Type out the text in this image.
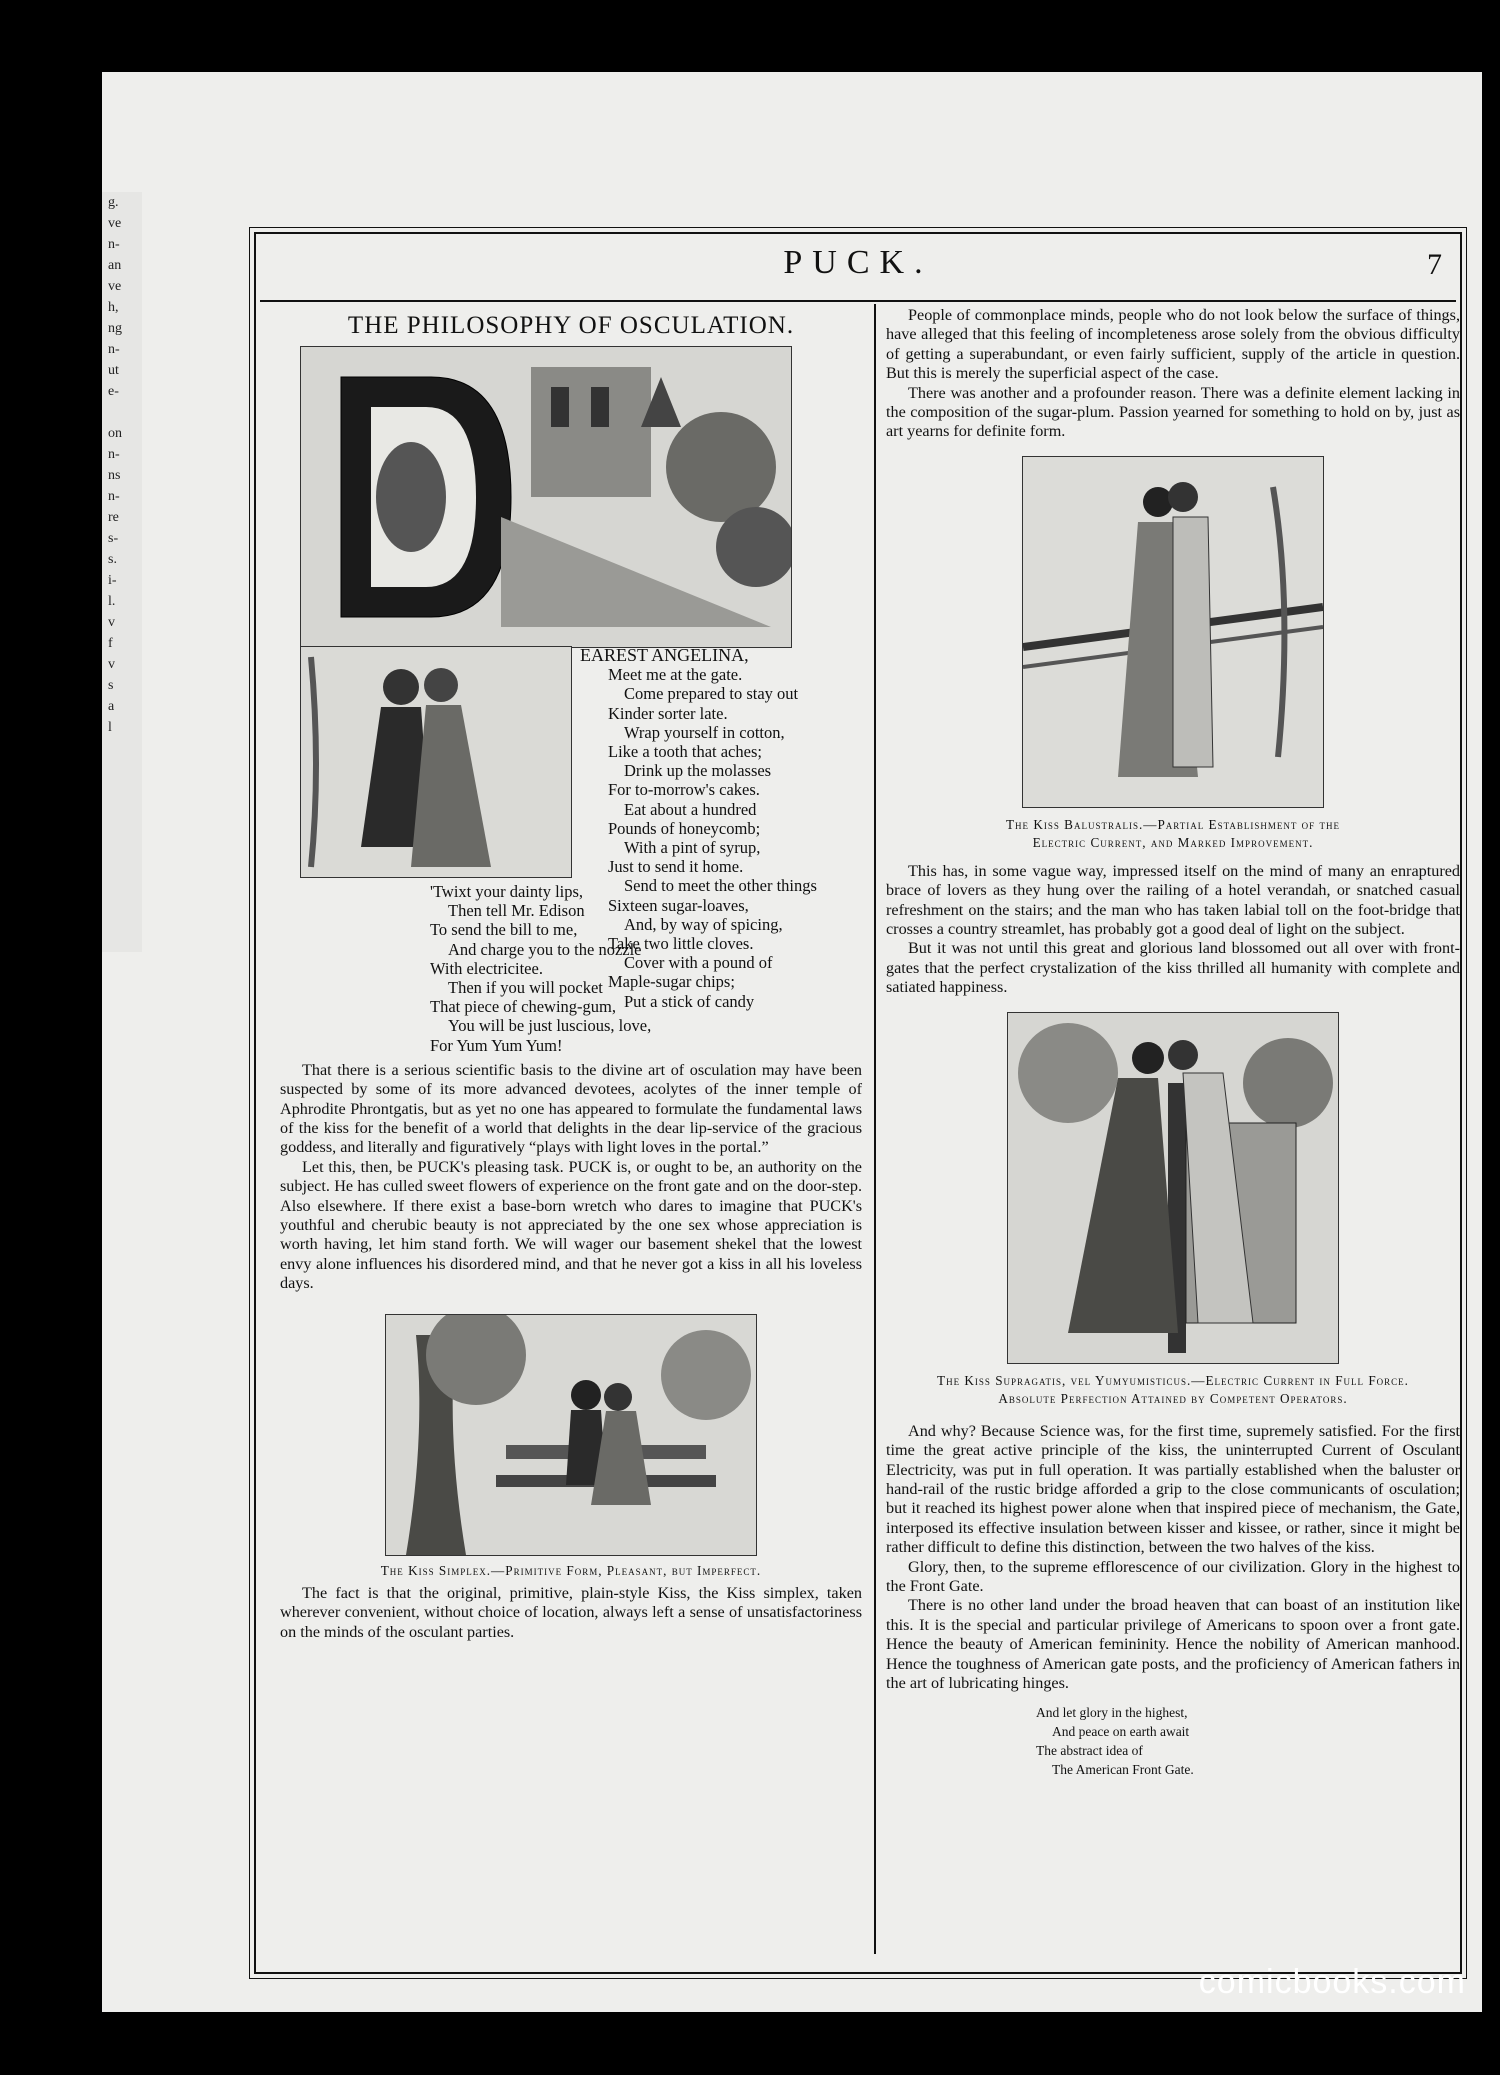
g.
ve
n-
an
ve
h,
ng
n-
ut
e-

on
n-
ns
n-
re
s-
s.
i-
l.
v
f
v
s
a
l
PUCK.	7
THE PHILOSOPHY OF OSCULATION.
EAREST ANGELINA,
Meet me at the gate.
Come prepared to stay out
Kinder sorter late.
Wrap yourself in cotton,
Like a tooth that aches;
Drink up the molasses
For to-morrow's cakes.
Eat about a hundred
Pounds of honeycomb;
With a pint of syrup,
Just to send it home.
Send to meet the other things
Sixteen sugar-loaves,
And, by way of spicing,
Take two little cloves.
Cover with a pound of
Maple-sugar chips;
Put a stick of candy
'Twixt your dainty lips,
Then tell Mr. Edison
To send the bill to me,
And charge you to the nozzle
With electricitee.
Then if you will pocket
That piece of chewing-gum,
You will be just luscious, love,
For Yum Yum Yum!

That there is a serious scientific basis to the divine art of osculation may have been suspected by some of its more advanced devotees, acolytes of the inner temple of Aphrodite Phrontgatis, but as yet no one has appeared to formulate the fundamental laws of the kiss for the benefit of a world that delights in the dear lip-service of the gracious goddess, and literally and figuratively “plays with light loves in the portal.”

Let this, then, be PUCK's pleasing task. PUCK is, or ought to be, an authority on the subject. He has culled sweet flowers of experience on the front gate and on the door-step. Also elsewhere. If there exist a base-born wretch who dares to imagine that PUCK's youthful and cherubic beauty is not appreciated by the one sex whose appreciation is worth having, let him stand forth. We will wager our basement shekel that the lowest envy alone influences his disordered mind, and that he never got a kiss in all his loveless days.

The Kiss Simplex.—Primitive Form, Pleasant, but Imperfect.

The fact is that the original, primitive, plain-style Kiss, the Kiss simplex, taken wherever convenient, without choice of location, always left a sense of unsatisfactoriness on the minds of the osculant parties.

People of commonplace minds, people who do not look below the surface of things, have alleged that this feeling of incompleteness arose solely from the obvious difficulty of getting a superabundant, or even fairly sufficient, supply of the article in question. But this is merely the superficial aspect of the case.

There was another and a profounder reason. There was a definite element lacking in the composition of the sugar-plum. Passion yearned for something to hold on by, just as art yearns for definite form.

The Kiss Balustralis.—Partial Establishment of the
Electric Current, and Marked Improvement.

This has, in some vague way, impressed itself on the mind of many an enraptured brace of lovers as they hung over the railing of a hotel verandah, or snatched casual refreshment on the stairs; and the man who has taken labial toll on the foot-bridge that crosses a country streamlet, has probably got a good deal of light on the subject.

But it was not until this great and glorious land blossomed out all over with front-gates that the perfect crystalization of the kiss thrilled all humanity with complete and satiated happiness.

The Kiss Supragatis, vel Yumyumisticus.—Electric Current in Full Force.
Absolute Perfection Attained by Competent Operators.

And why? Because Science was, for the first time, supremely satisfied. For the first time the great active principle of the kiss, the uninterrupted Current of Osculant Electricity, was put in full operation. It was partially established when the baluster or hand-rail of the rustic bridge afforded a grip to the close communicants of osculation; but it reached its highest power alone when that inspired piece of mechanism, the Gate, interposed its effective insulation between kisser and kissee, or rather, since it might be rather difficult to define this distinction, between the two halves of the kiss.

Glory, then, to the supreme efflorescence of our civilization. Glory in the highest to the Front Gate.

There is no other land under the broad heaven that can boast of an institution like this. It is the special and particular privilege of Americans to spoon over a front gate. Hence the beauty of American femininity. Hence the nobility of American manhood. Hence the toughness of American gate posts, and the proficiency of American fathers in the art of lubricating hinges.

And let glory in the highest,
And peace on earth await
The abstract idea of
The American Front Gate.
comicbooks.com
